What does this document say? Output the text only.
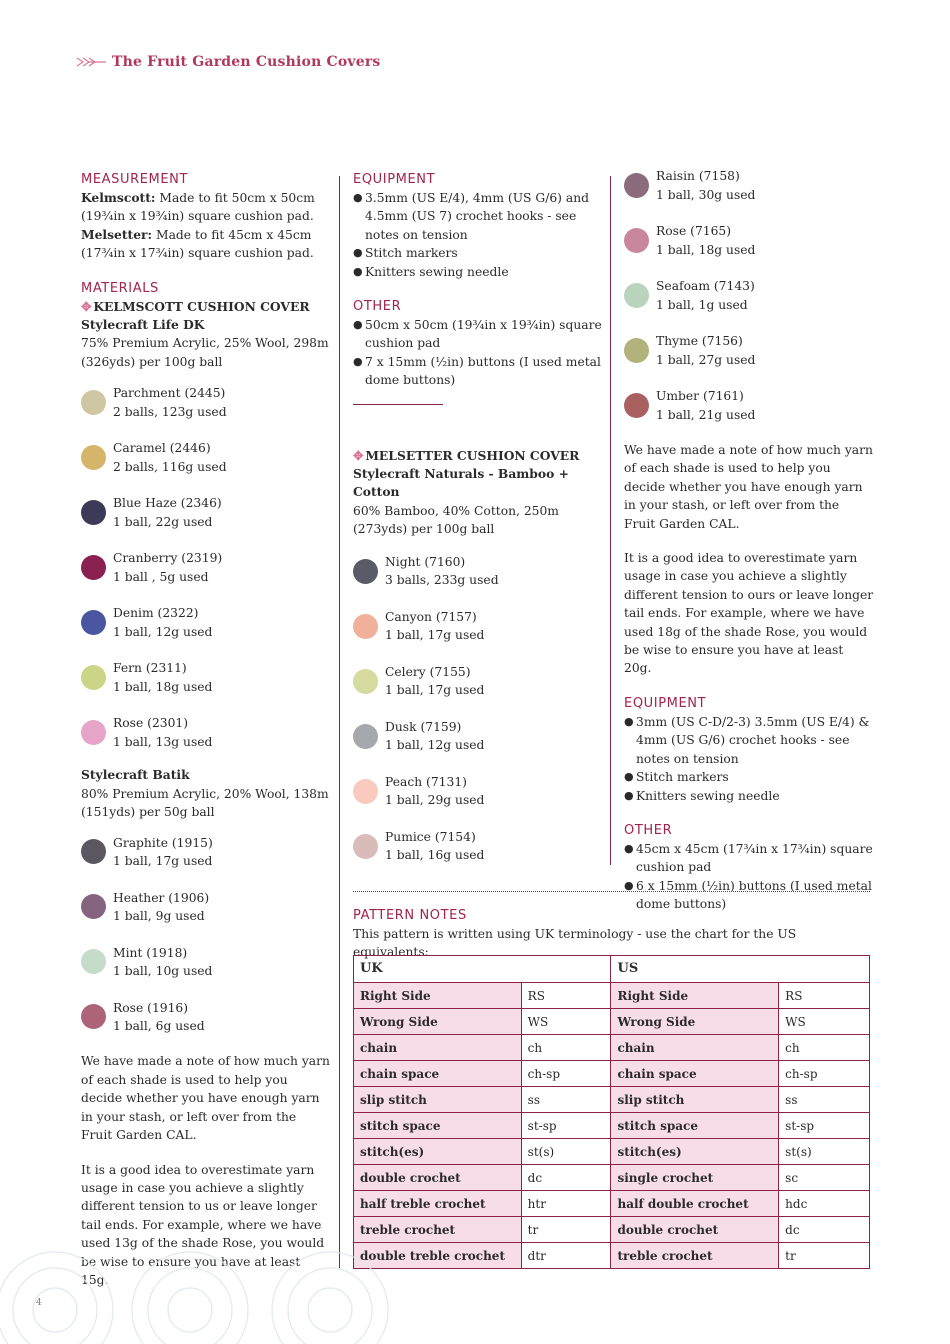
The Fruit Garden Cushion Covers
MEASUREMENT

Kelmscott: Made to fit 50cm x 50cm (19¾in x 19¾in) square cushion pad.

Melsetter: Made to fit 45cm x 45cm (17¾in x 17¾in) square cushion pad.

MATERIALS

✥ KELMSCOTT CUSHION COVER

Stylecraft Life DK

75% Premium Acrylic, 25% Wool, 298m (326yds) per 100g ball

Parchment (2445)
2 balls, 123g used
Caramel (2446)
2 balls, 116g used
Blue Haze (2346)
1 ball, 22g used
Cranberry (2319)
1 ball , 5g used
Denim (2322)
1 ball, 12g used
Fern (2311)
1 ball, 18g used
Rose (2301)
1 ball, 13g used

Stylecraft Batik

80% Premium Acrylic, 20% Wool, 138m (151yds) per 50g ball

Graphite (1915)
1 ball, 17g used
Heather (1906)
1 ball, 9g used
Mint (1918)
1 ball, 10g used
Rose (1916)
1 ball, 6g used

We have made a note of how much yarn of each shade is used to help you decide whether you have enough yarn in your stash, or left over from the Fruit Garden CAL.

It is a good idea to overestimate yarn usage in case you achieve a slightly different tension to us or leave longer tail ends. For example, where we have used 13g of the shade Rose, you would be wise to ensure you have at least 15g.

EQUIPMENT
● 3.5mm (US E/4), 4mm (US G/6) and 4.5mm (US 7) crochet hooks - see notes on tension
● Stitch markers
● Knitters sewing needle
OTHER
● 50cm x 50cm (19¾in x 19¾in) square cushion pad
● 7 x 15mm (½in) buttons (I used metal dome buttons)

✥ MELSETTER CUSHION COVER

Stylecraft Naturals - Bamboo + Cotton

60% Bamboo, 40% Cotton, 250m (273yds) per 100g ball

Night (7160)
3 balls, 233g used
Canyon (7157)
1 ball, 17g used
Celery (7155)
1 ball, 17g used
Dusk (7159)
1 ball, 12g used
Peach (7131)
1 ball, 29g used
Pumice (7154)
1 ball, 16g used
Raisin (7158)
1 ball, 30g used
Rose (7165)
1 ball, 18g used
Seafoam (7143)
1 ball, 1g used
Thyme (7156)
1 ball, 27g used
Umber (7161)
1 ball, 21g used

We have made a note of how much yarn of each shade is used to help you decide whether you have enough yarn in your stash, or left over from the Fruit Garden CAL.

It is a good idea to overestimate yarn usage in case you achieve a slightly different tension to ours or leave longer tail ends. For example, where we have used 18g of the shade Rose, you would be wise to ensure you have at least 20g.

EQUIPMENT
● 3mm (US C-D/2-3) 3.5mm (US E/4) & 4mm (US G/6) crochet hooks - see notes on tension
● Stitch markers
● Knitters sewing needle
OTHER
● 45cm x 45cm (17¾in x 17¾in) square cushion pad
● 6 x 15mm (½in) buttons (I used metal dome buttons)
PATTERN NOTES

This pattern is written using UK terminology - use the chart for the US equivalents:

UK		US	
Right Side	RS	Right Side	RS
Wrong Side	WS	Wrong Side	WS
chain	ch	chain	ch
chain space	ch-sp	chain space	ch-sp
slip stitch	ss	slip stitch	ss
stitch space	st-sp	stitch space	st-sp
stitch(es)	st(s)	stitch(es)	st(s)
double crochet	dc	single crochet	sc
half treble crochet	htr	half double crochet	hdc
treble crochet	tr	double crochet	dc
double treble crochet	dtr	treble crochet	tr
4
